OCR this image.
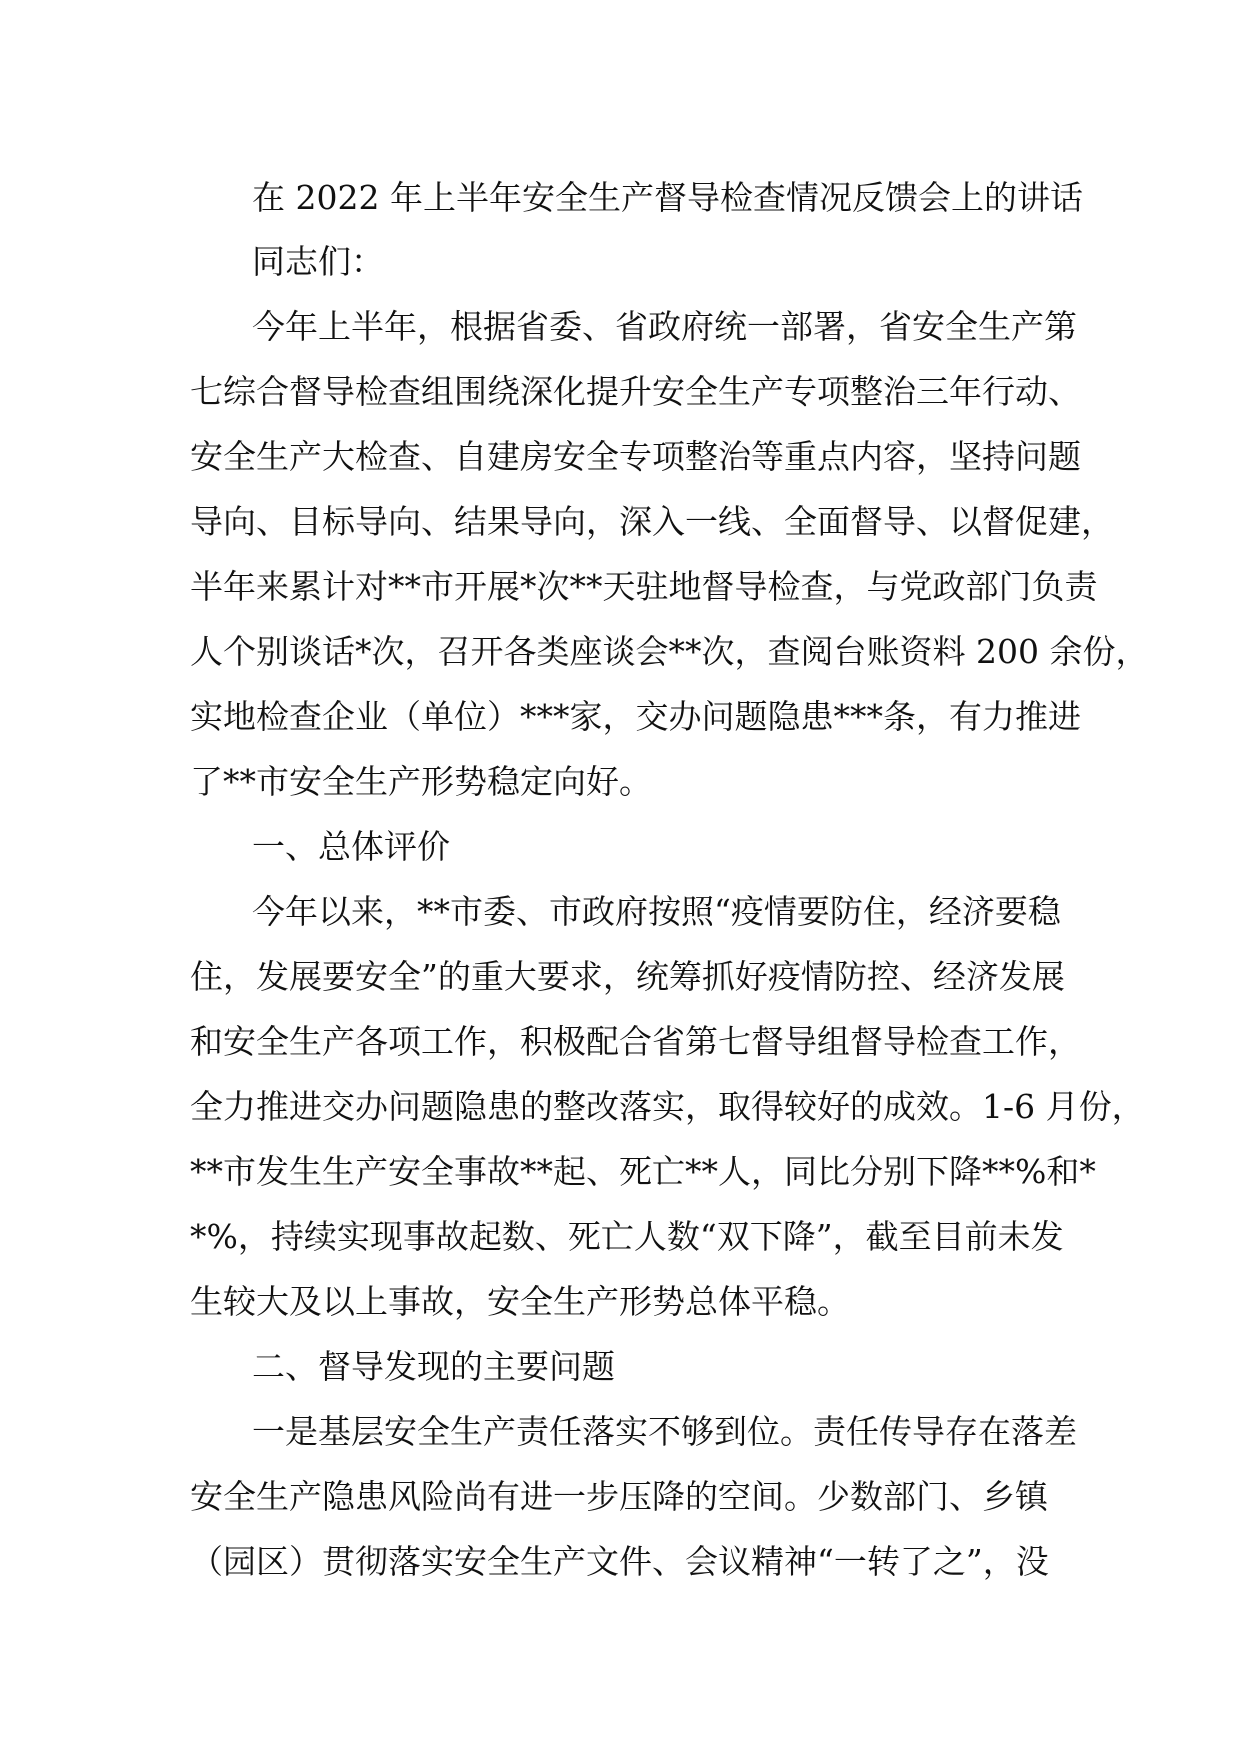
在 2022 年上半年安全生产督导检查情况反馈会上的讲话
同志们：
今年上半年，根据省委、省政府统一部署，省安全生产第
七综合督导检查组围绕深化提升安全生产专项整治三年行动、
安全生产大检查、自建房安全专项整治等重点内容，坚持问题
导向、目标导向、结果导向，深入一线、全面督导、以督促建，
半年来累计对**市开展*次**天驻地督导检查，与党政部门负责
人个别谈话*次，召开各类座谈会**次，查阅台账资料 200 余份，
实地检查企业（单位）***家，交办问题隐患***条，有力推进
了**市安全生产形势稳定向好。
一、总体评价
今年以来，**市委、市政府按照“疫情要防住，经济要稳
住，发展要安全”的重大要求，统筹抓好疫情防控、经济发展
和安全生产各项工作，积极配合省第七督导组督导检查工作，
全力推进交办问题隐患的整改落实，取得较好的成效。1-6 月份，
**市发生生产安全事故**起、死亡**人，同比分别下降**%和*
*%，持续实现事故起数、死亡人数“双下降”，截至目前未发
生较大及以上事故，安全生产形势总体平稳。
二、督导发现的主要问题
一是基层安全生产责任落实不够到位。责任传导存在落差
安全生产隐患风险尚有进一步压降的空间。少数部门、乡镇
（园区）贯彻落实安全生产文件、会议精神“一转了之”，没
